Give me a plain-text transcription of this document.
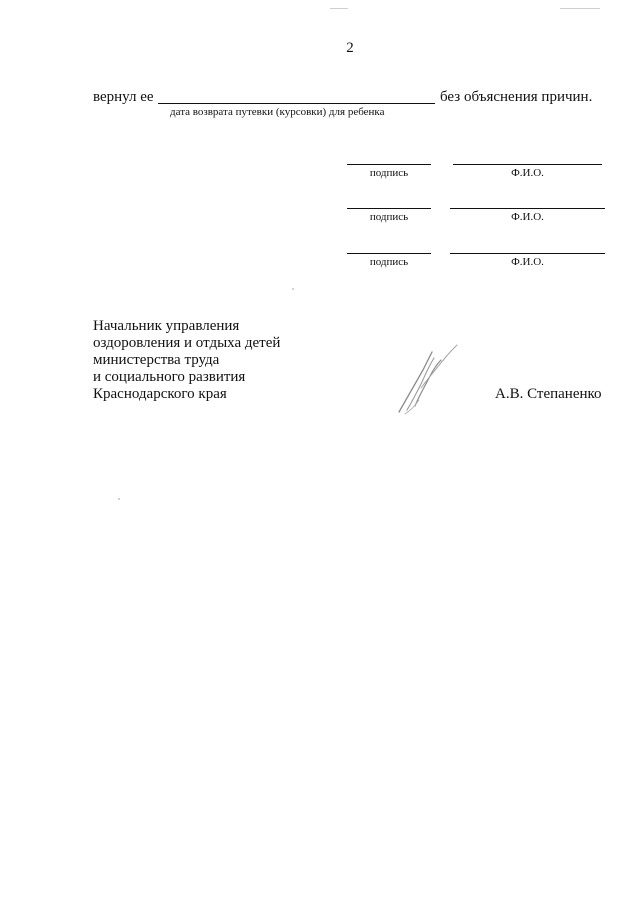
2
вернул ее	без объяснения причин.
дата возврата путевки (курсовки) для ребенка
подпись	Ф.И.О.
подпись	Ф.И.О.
подпись	Ф.И.О.
Начальник управления
оздоровления и отдыха детей
министерства труда
и социального развития
Краснодарского края	А.В. Степаненко
